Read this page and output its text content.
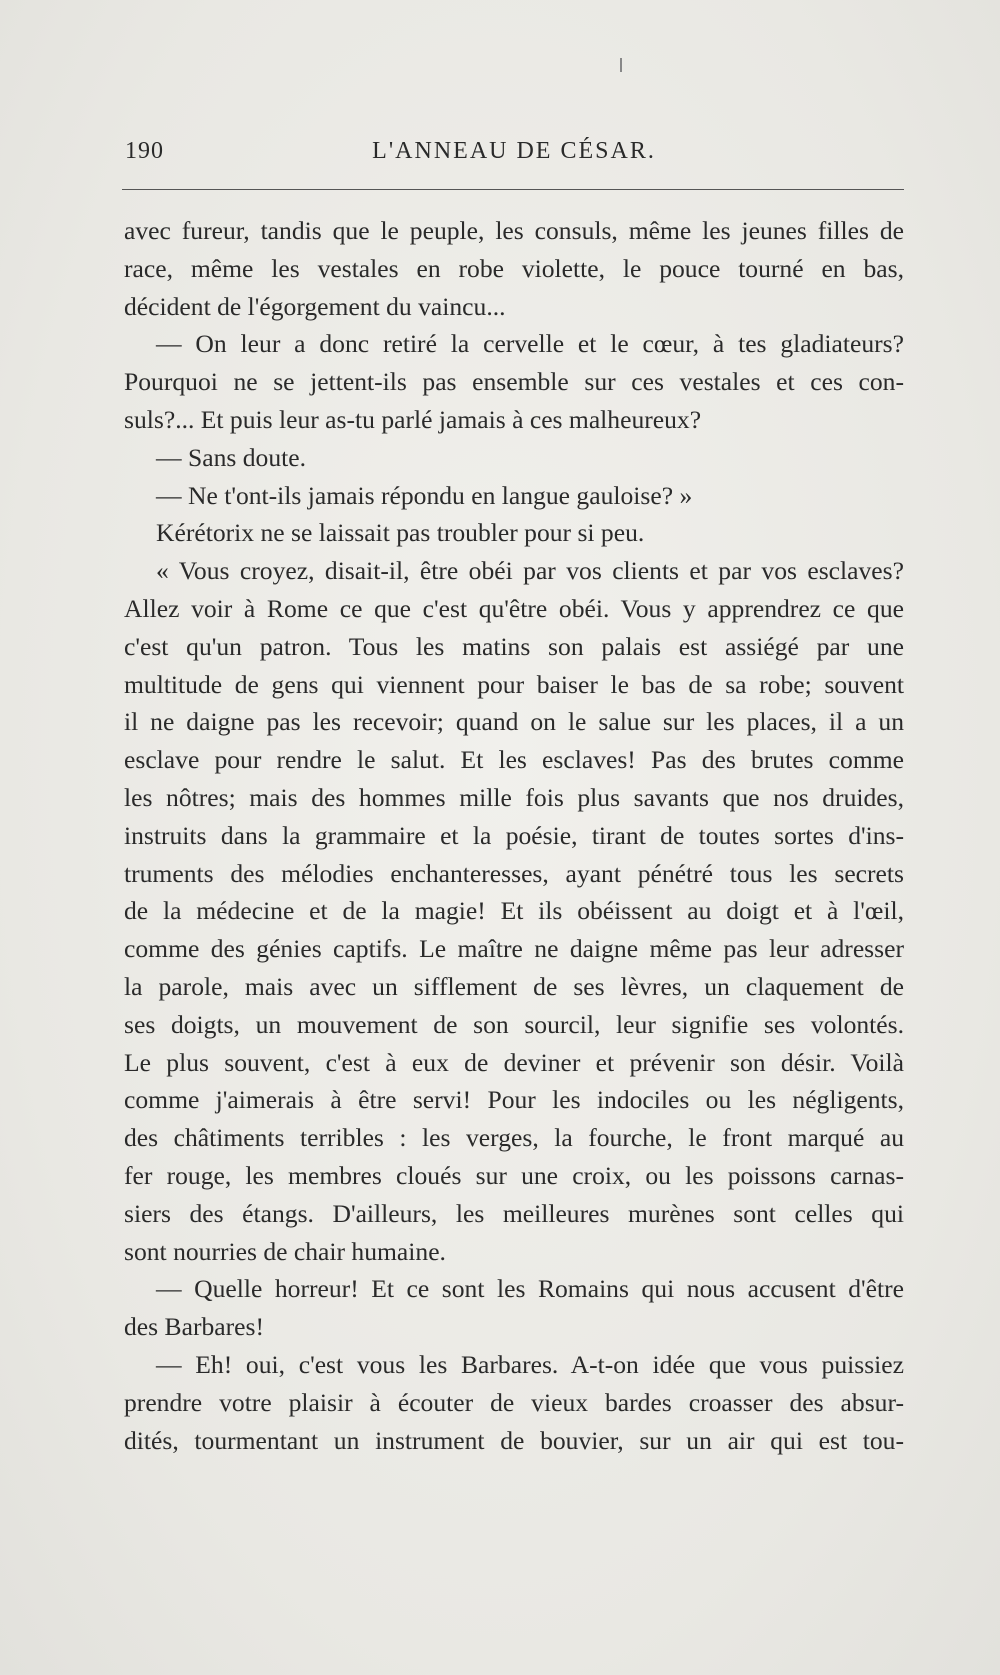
190	L'ANNEAU DE CÉSAR.
avec fureur, tandis que le peuple, les consuls, même les jeunes filles de
race, même les vestales en robe violette, le pouce tourné en bas,
décident de l'égorgement du vaincu...
— On leur a donc retiré la cervelle et le cœur, à tes gladiateurs?
Pourquoi ne se jettent-ils pas ensemble sur ces vestales et ces con-
suls?... Et puis leur as-tu parlé jamais à ces malheureux?
— Sans doute.
— Ne t'ont-ils jamais répondu en langue gauloise? »
Kérétorix ne se laissait pas troubler pour si peu.
« Vous croyez, disait-il, être obéi par vos clients et par vos esclaves?
Allez voir à Rome ce que c'est qu'être obéi. Vous y apprendrez ce que
c'est qu'un patron. Tous les matins son palais est assiégé par une
multitude de gens qui viennent pour baiser le bas de sa robe; souvent
il ne daigne pas les recevoir; quand on le salue sur les places, il a un
esclave pour rendre le salut. Et les esclaves! Pas des brutes comme
les nôtres; mais des hommes mille fois plus savants que nos druides,
instruits dans la grammaire et la poésie, tirant de toutes sortes d'ins-
truments des mélodies enchanteresses, ayant pénétré tous les secrets
de la médecine et de la magie! Et ils obéissent au doigt et à l'œil,
comme des génies captifs. Le maître ne daigne même pas leur adresser
la parole, mais avec un sifflement de ses lèvres, un claquement de
ses doigts, un mouvement de son sourcil, leur signifie ses volontés.
Le plus souvent, c'est à eux de deviner et prévenir son désir. Voilà
comme j'aimerais à être servi! Pour les indociles ou les négligents,
des châtiments terribles : les verges, la fourche, le front marqué au
fer rouge, les membres cloués sur une croix, ou les poissons carnas-
siers des étangs. D'ailleurs, les meilleures murènes sont celles qui
sont nourries de chair humaine.
— Quelle horreur! Et ce sont les Romains qui nous accusent d'être
des Barbares!
— Eh! oui, c'est vous les Barbares. A-t-on idée que vous puissiez
prendre votre plaisir à écouter de vieux bardes croasser des absur-
dités, tourmentant un instrument de bouvier, sur un air qui est tou-
